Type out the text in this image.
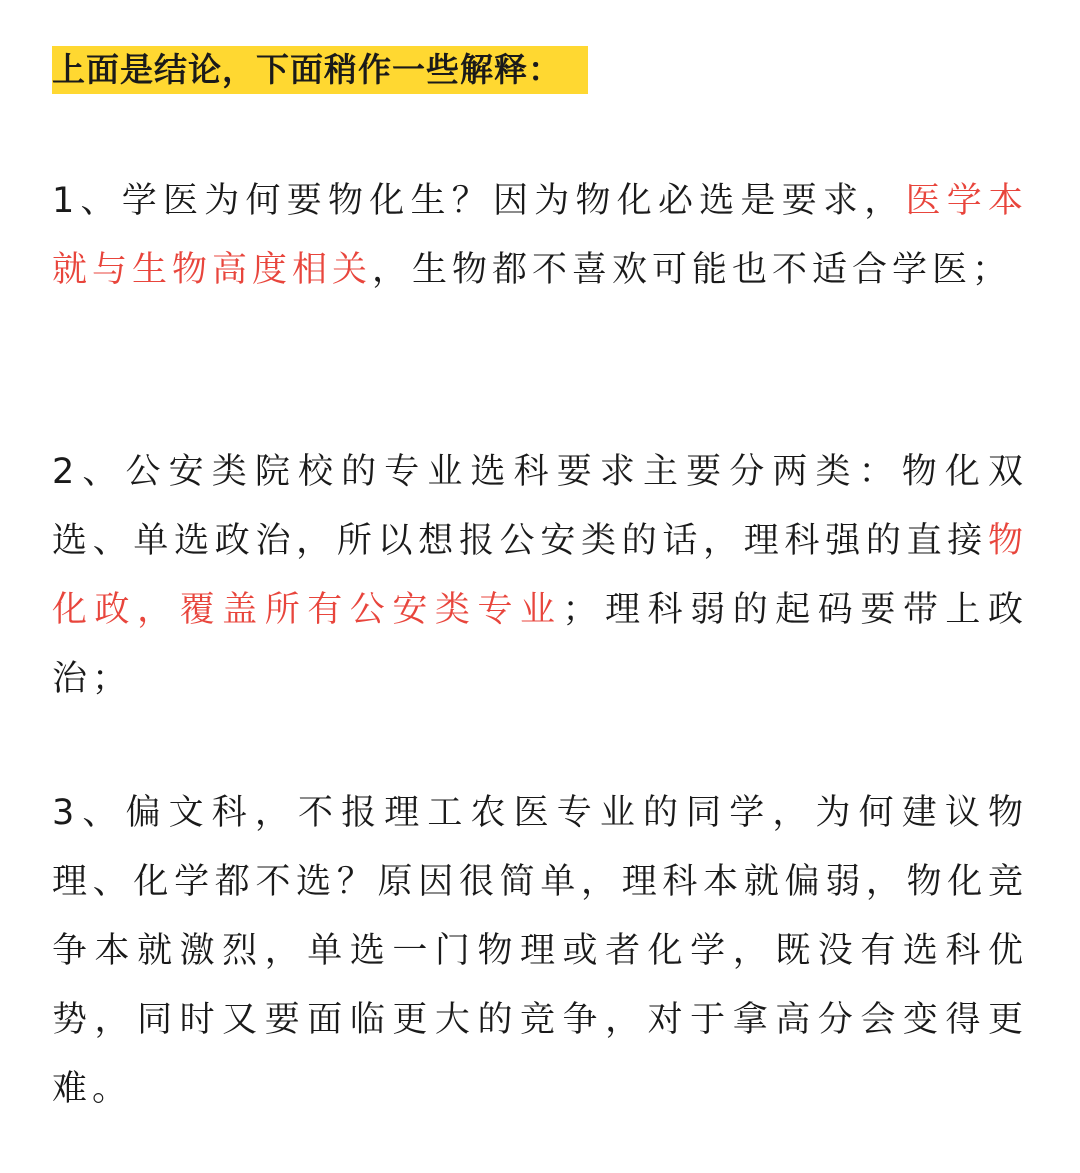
上面是结论，下面稍作一些解释：

1、学医为何要物化生？因为物化必选是要求，医学本就与生物高度相关，生物都不喜欢可能也不适合学医；

2、公安类院校的专业选科要求主要分两类：物化双选、单选政治，所以想报公安类的话，理科强的直接物化政，覆盖所有公安类专业；理科弱的起码要带上政治；

3、偏文科，不报理工农医专业的同学，为何建议物理、化学都不选？原因很简单，理科本就偏弱，物化竞争本就激烈，单选一门物理或者化学，既没有选科优势，同时又要面临更大的竞争，对于拿高分会变得更难。
